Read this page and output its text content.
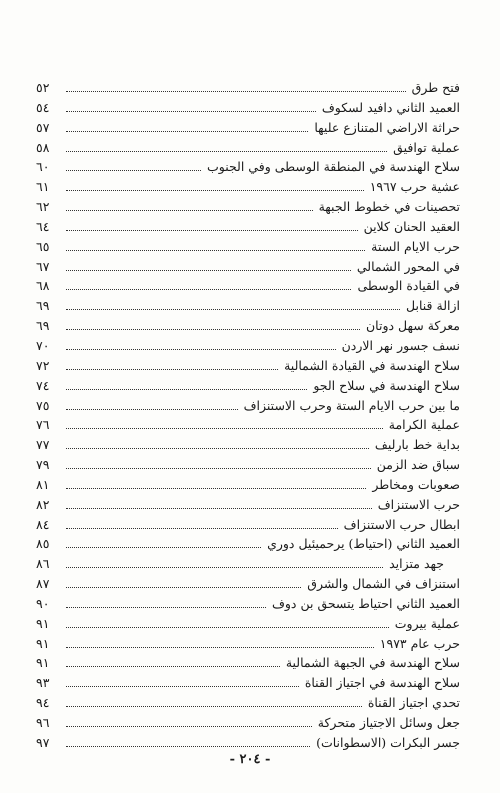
فتح طرق
٥٢
العميد الثاني دافيد لسكوف
٥٤
حراثة الاراضي المتنازع عليها
٥٧
عملية توافيق
٥٨
سلاح الهندسة في المنطقة الوسطى وفي الجنوب
٦٠
عشية حرب ١٩٦٧
٦١
تحصينات في خطوط الجبهة
٦٢
العقيد الحنان كلاين
٦٤
حرب الايام الستة
٦٥
في المحور الشمالي
٦٧
في القيادة الوسطى
٦٨
ازالة قنابل
٦٩
معركة سهل دوتان
٦٩
نسف جسور نهر الاردن
٧٠
سلاح الهندسة في القيادة الشمالية
٧٢
سلاح الهندسة في سلاح الجو
٧٤
ما بين حرب الايام الستة وحرب الاستنزاف
٧٥
عملية الكرامة
٧٦
بداية خط بارليف
٧٧
سباق ضد الزمن
٧٩
صعوبات ومخاطر
٨١
حرب الاستنزاف
٨٢
ابطال حرب الاستنزاف
٨٤
العميد الثاني (احتياط) يرحميئيل دوري
٨٥
جهد متزايد
٨٦
استنزاف في الشمال والشرق
٨٧
العميد الثاني احتياط يتسحق بن دوف
٩٠
عملية بيروت
٩١
حرب عام ١٩٧٣
٩١
سلاح الهندسة في الجبهة الشمالية
٩١
سلاح الهندسة في اجتياز القناة
٩٣
تحدي اجتياز القناة
٩٤
جعل وسائل الاجتياز متحركة
٩٦
جسر البكرات (الاسطوانات)
٩٧
- ٢٠٤ -
